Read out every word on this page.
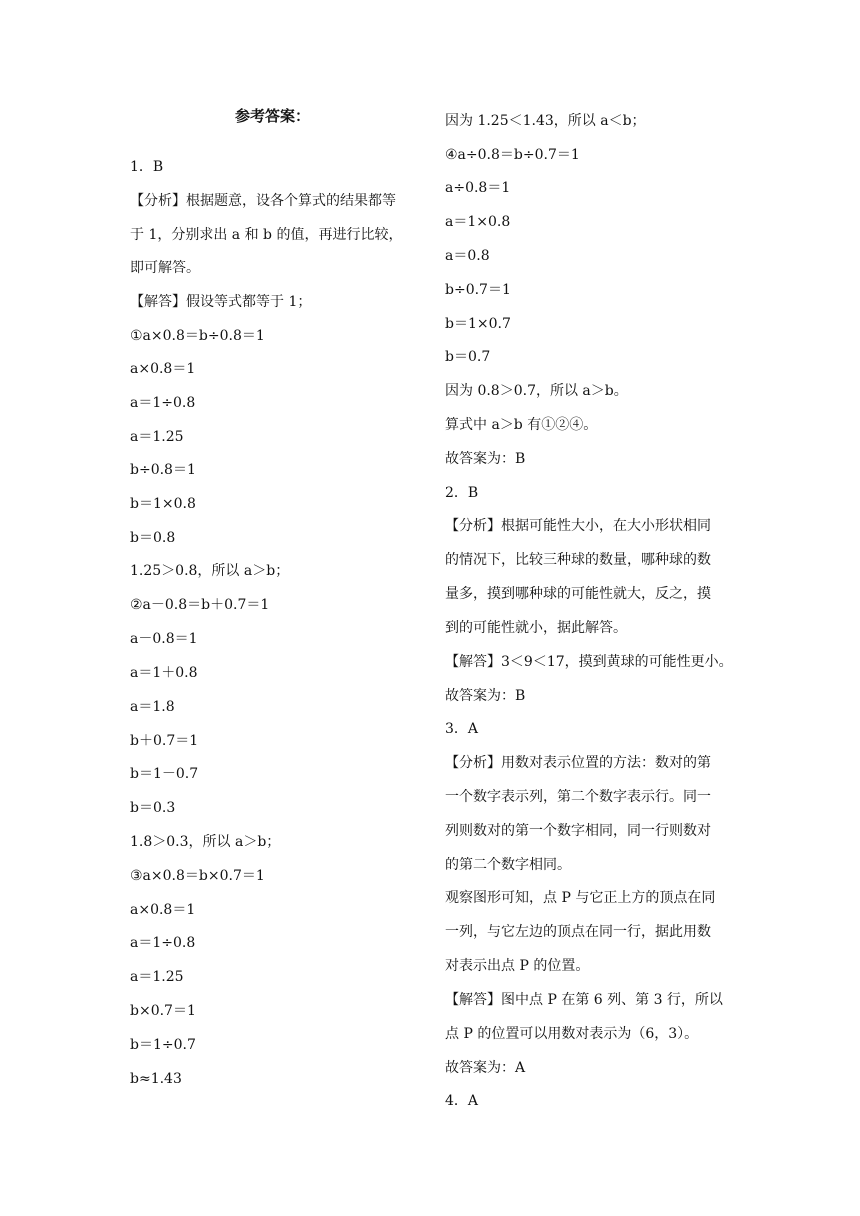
参考答案：
1．B
【分析】根据题意，设各个算式的结果都等
于 1，分别求出 a 和 b 的值，再进行比较，
即可解答。
【解答】假设等式都等于 1；
①a×0.8＝b÷0.8＝1
a×0.8＝1
a＝1÷0.8
a＝1.25
b÷0.8＝1
b＝1×0.8
b＝0.8
1.25＞0.8，所以 a＞b；
②a－0.8＝b＋0.7＝1
a－0.8＝1
a＝1＋0.8
a＝1.8
b＋0.7＝1
b＝1－0.7
b＝0.3
1.8＞0.3，所以 a＞b；
③a×0.8＝b×0.7＝1
a×0.8＝1
a＝1÷0.8
a＝1.25
b×0.7＝1
b＝1÷0.7
b≈1.43
因为 1.25＜1.43，所以 a＜b；
④a÷0.8＝b÷0.7＝1
a÷0.8＝1
a＝1×0.8
a＝0.8
b÷0.7＝1
b＝1×0.7
b＝0.7
因为 0.8＞0.7，所以 a＞b。
算式中 a＞b 有①②④。
故答案为：B
2．B
【分析】根据可能性大小，在大小形状相同
的情况下，比较三种球的数量，哪种球的数
量多，摸到哪种球的可能性就大，反之，摸
到的可能性就小，据此解答。
【解答】3＜9＜17，摸到黄球的可能性更小。
故答案为：B
3．A
【分析】用数对表示位置的方法：数对的第
一个数字表示列，第二个数字表示行。同一
列则数对的第一个数字相同，同一行则数对
的第二个数字相同。
观察图形可知，点 P 与它正上方的顶点在同
一列，与它左边的顶点在同一行，据此用数
对表示出点 P 的位置。
【解答】图中点 P 在第 6 列、第 3 行，所以
点 P 的位置可以用数对表示为（6，3）。
故答案为：A
4．A
